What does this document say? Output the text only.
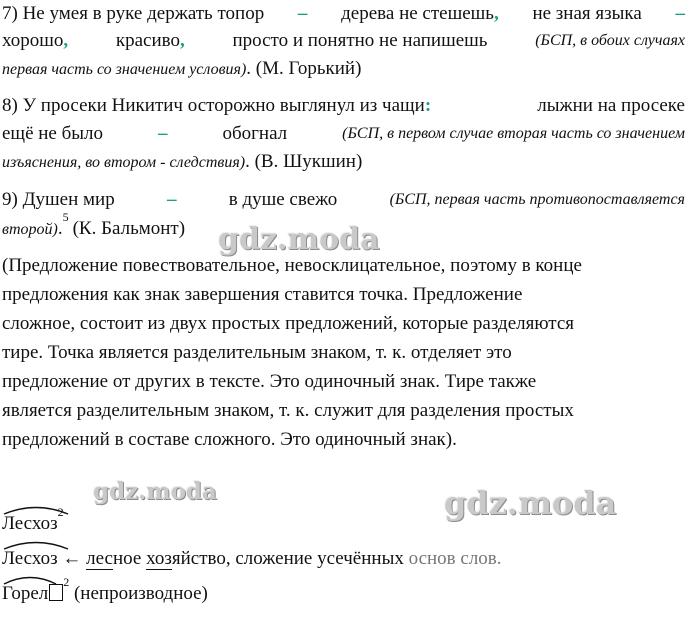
7) Не умея в руке держать топор – дерева не стешешь, не зная языка –
хорошо,	красиво,	просто и понятно не напишешь	(БСП, в обоих случаях
первая часть со значением условия). (М. Горький)
8) У просеки Никитич осторожно выглянул из чащи:	лыжни на просеке
ещё не было	–	обогнал	(БСП, в первом случае вторая часть со значением
изъяснения, во втором - следствия). (В. Шукшин)
9) Душен мир	–	в душе свежо	(БСП, первая часть противопоставляется
второй).$^5$
(К. Бальмонт)
(Предложение повествовательное, невосклицательное, поэтому в конце
предложения как знак завершения ставится точка. Предложение
сложное, состоит из двух простых предложений, которые разделяются
тире. Точка является разделительным знаком, т. к. отделяет это
предложение от других в тексте. Это одиночный знак. Тире также
является разделительным знаком, т. к. служит для разделения простых
предложений в составе сложного. Это одиночный знак).
Лесхоз$^2$
Лесхоз ← лесное хозяйство, сложение усечённых основ слов.
Горел$^2$ (непроизводное)
gdz.moda
gdz.moda	gdz.moda
